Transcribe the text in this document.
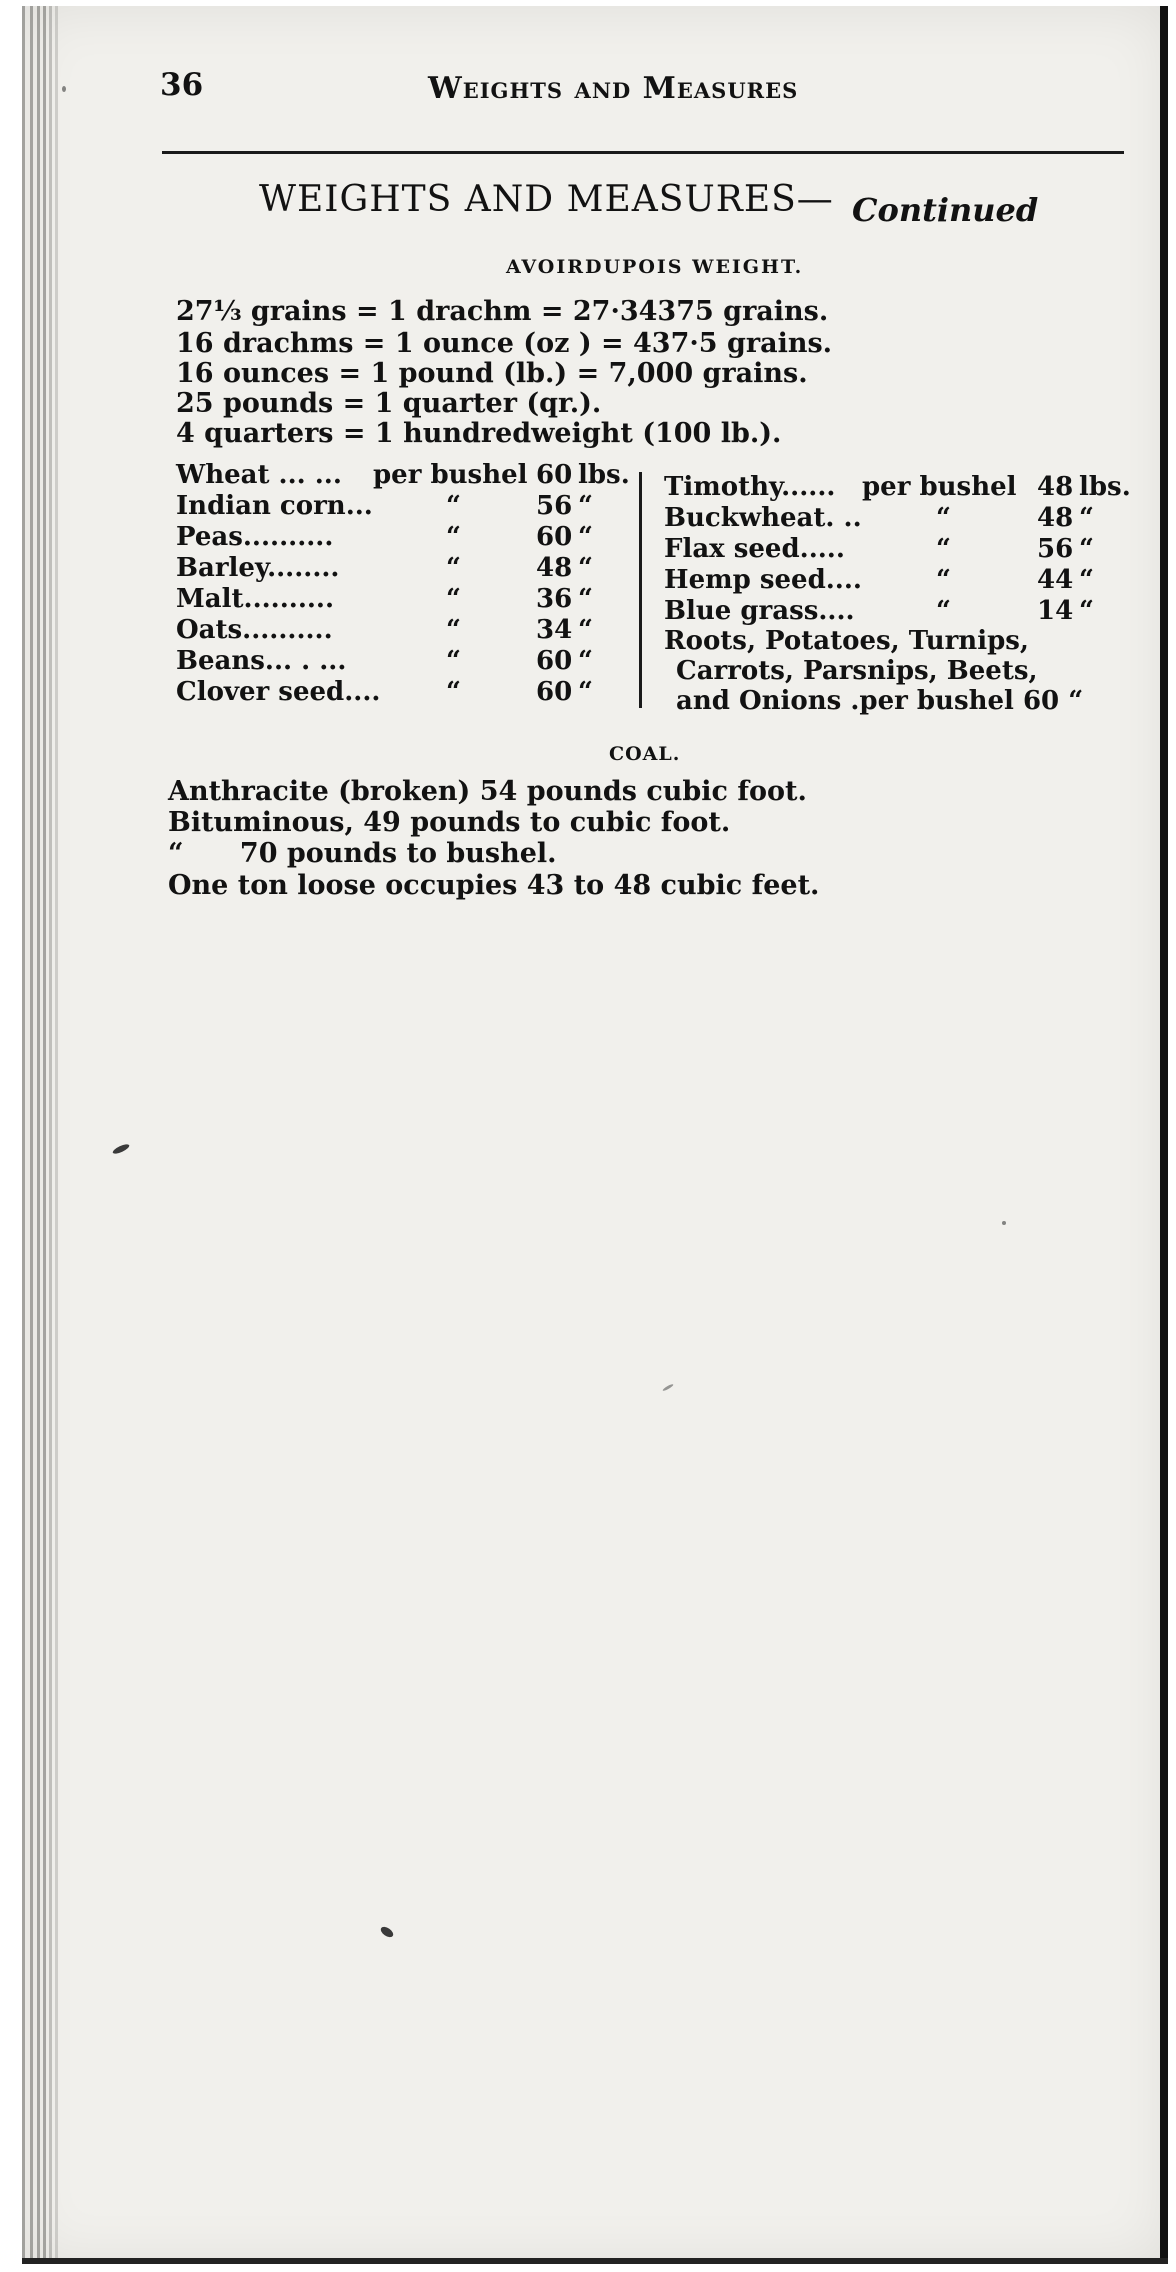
36	Weights and Measures
WEIGHTS AND MEASURES— Continued
AVOIRDUPOIS WEIGHT.
27⅓ grains = 1 drachm = 27·34375 grains.
16 drachms = 1 ounce (oz ) = 437·5 grains.
16 ounces = 1 pound (lb.) = 7,000 grains.
25 pounds = 1 quarter (qr.).
4 quarters = 1 hundredweight (100 lb.).
Wheat ... ... per bushel 60 lbs.
Indian corn...	“	56 “
Peas..........	“	60 “
Barley........	“	48 “
Malt..........	“	36 “
Oats..........	“	34 “
Beans... . ...	“	60 “
Clover seed....	“	60 “
Timothy...... per bushel 48 lbs.
Buckwheat. ..	“	48 “
Flax seed.....	“	56 “
Hemp seed....	“	44 “
Blue grass....	“	14 “
Roots, Potatoes, Turnips,
Carrots, Parsnips, Beets,
and Onions .per bushel 60 “
COAL.
Anthracite (broken) 54 pounds cubic foot.
Bituminous, 49 pounds to cubic foot.
“      70 pounds to bushel.
One ton loose occupies 43 to 48 cubic feet.
